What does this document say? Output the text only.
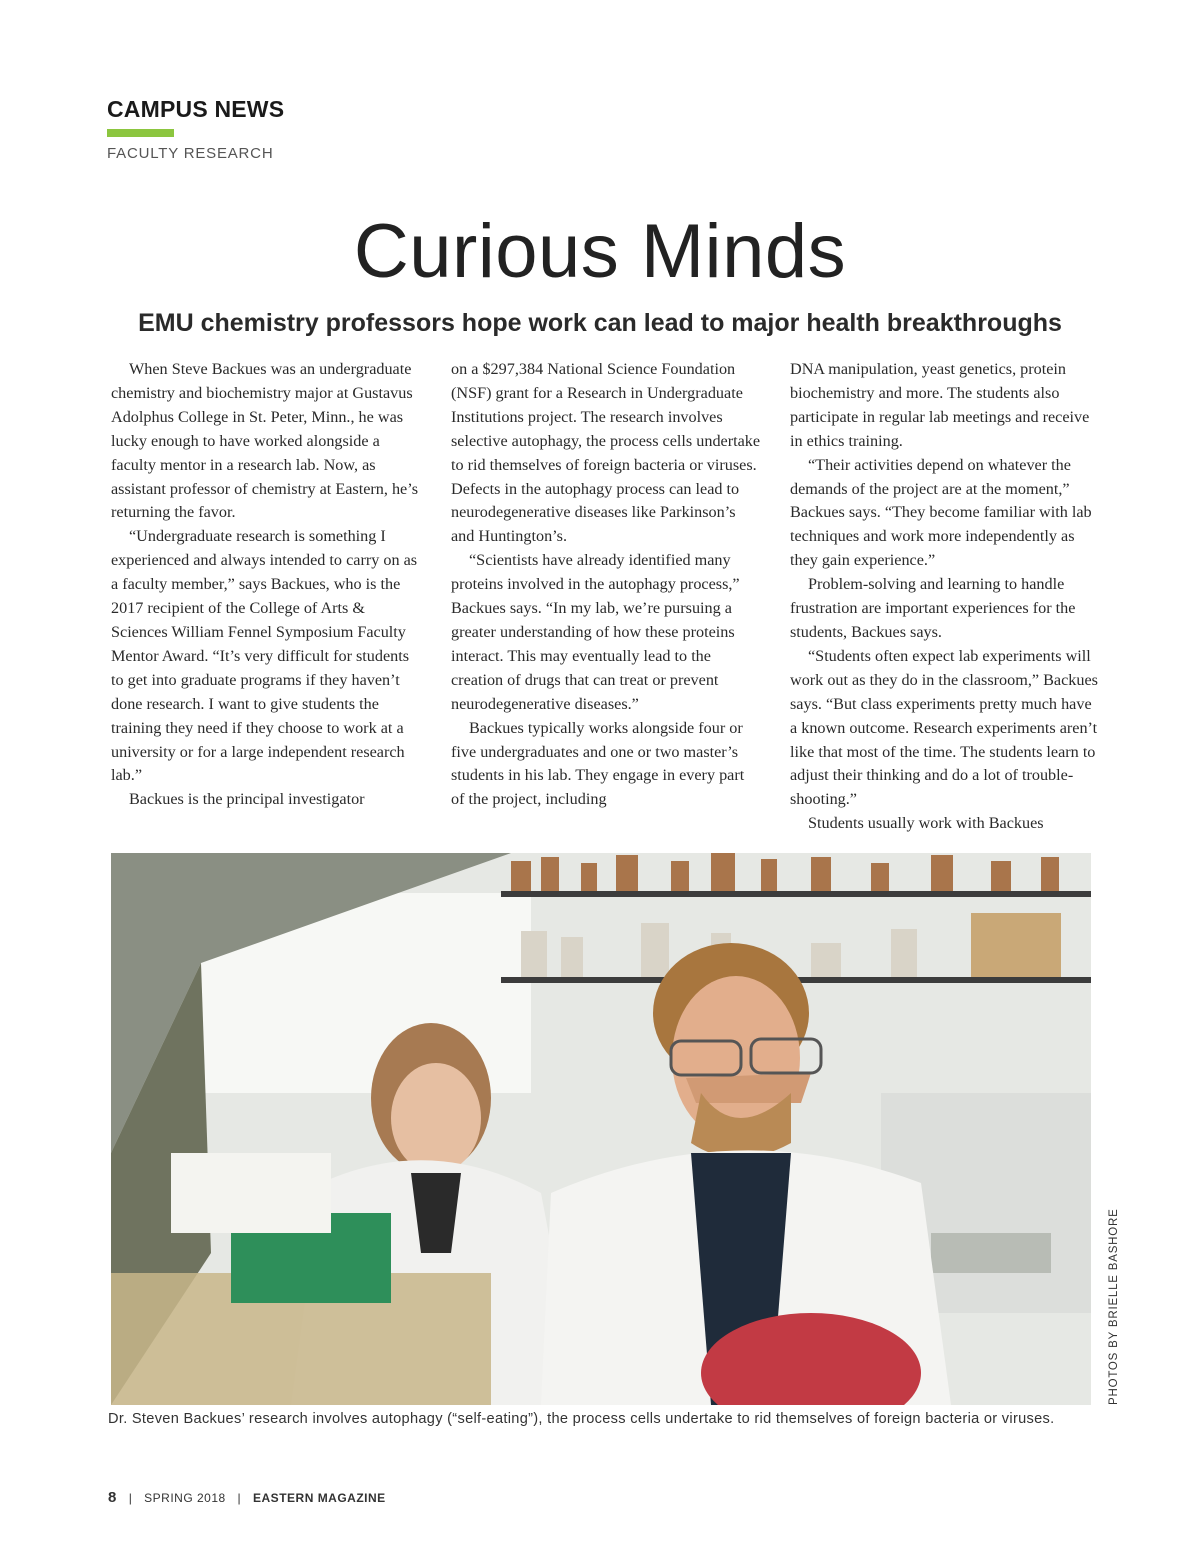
CAMPUS NEWS
FACULTY RESEARCH
Curious Minds
EMU chemistry professors hope work can lead to major health breakthroughs

When Steve Backues was an undergraduate chemistry and biochemistry major at Gustavus Adolphus College in St. Peter, Minn., he was lucky enough to have worked alongside a faculty mentor in a research lab. Now, as assistant professor of chemistry at Eastern, he’s returning the favor.

“Undergraduate research is something I experienced and always intended to carry on as a faculty member,” says Backues, who is the 2017 recipient of the College of Arts & Sciences William Fennel Symposium Faculty Mentor Award. “It’s very difficult for students to get into graduate programs if they haven’t done research. I want to give students the training they need if they choose to work at a university or for a large independent research lab.”

Backues is the principal investigator

on a $297,384 National Science Foundation (NSF) grant for a Research in Undergraduate Institutions project. The research involves selective autophagy, the process cells undertake to rid themselves of foreign bacteria or viruses. Defects in the autophagy process can lead to neurodegenerative diseases like Parkinson’s and Huntington’s.

“Scientists have already identified many proteins involved in the autophagy process,” Backues says. “In my lab, we’re pursuing a greater understanding of how these proteins interact. This may eventually lead to the creation of drugs that can treat or prevent neurodegenerative diseases.”

Backues typically works alongside four or five undergraduates and one or two master’s students in his lab. They engage in every part of the project, including

DNA manipulation, yeast genetics, protein biochemistry and more. The students also participate in regular lab meetings and receive in ethics training.

“Their activities depend on whatever the demands of the project are at the moment,” Backues says. “They become familiar with lab techniques and work more independently as they gain experience.”

Problem-solving and learning to handle frustration are important experiences for the students, Backues says.

“Students often expect lab experiments will work out as they do in the classroom,” Backues says. “But class experiments pretty much have a known outcome. Research experiments aren’t like that most of the time. The students learn to adjust their thinking and do a lot of trouble-shooting.”

Students usually work with Backues

PHOTOS BY BRIELLE BASHORE
Dr. Steven Backues’ research involves autophagy (“self-eating”), the process cells undertake to rid themselves of foreign bacteria or viruses.
8 | SPRING 2018 | EASTERN MAGAZINE
